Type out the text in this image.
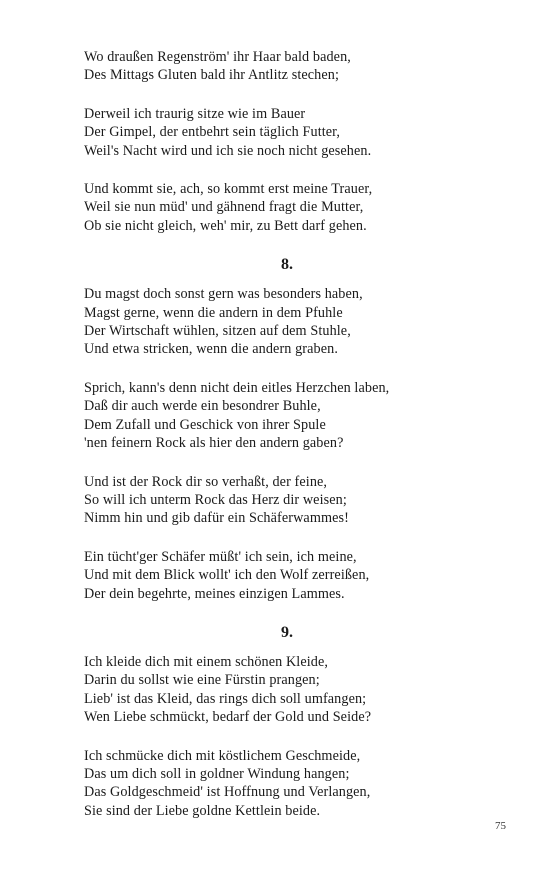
Wo draußen Regenström' ihr Haar bald baden,
Des Mittags Gluten bald ihr Antlitz stechen;
Derweil ich traurig sitze wie im Bauer
Der Gimpel, der entbehrt sein täglich Futter,
Weil's Nacht wird und ich sie noch nicht gesehen.
Und kommt sie, ach, so kommt erst meine Trauer,
Weil sie nun müd' und gähnend fragt die Mutter,
Ob sie nicht gleich, weh' mir, zu Bett darf gehen.
8.
Du magst doch sonst gern was besonders haben,
Magst gerne, wenn die andern in dem Pfuhle
Der Wirtschaft wühlen, sitzen auf dem Stuhle,
Und etwa stricken, wenn die andern graben.
Sprich, kann's denn nicht dein eitles Herzchen laben,
Daß dir auch werde ein besondrer Buhle,
Dem Zufall und Geschick von ihrer Spule
'nen feinern Rock als hier den andern gaben?
Und ist der Rock dir so verhaßt, der feine,
So will ich unterm Rock das Herz dir weisen;
Nimm hin und gib dafür ein Schäferwammes!
Ein tücht'ger Schäfer müßt' ich sein, ich meine,
Und mit dem Blick wollt' ich den Wolf zerreißen,
Der dein begehrte, meines einzigen Lammes.
9.
Ich kleide dich mit einem schönen Kleide,
Darin du sollst wie eine Fürstin prangen;
Lieb' ist das Kleid, das rings dich soll umfangen;
Wen Liebe schmückt, bedarf der Gold und Seide?
Ich schmücke dich mit köstlichem Geschmeide,
Das um dich soll in goldner Windung hangen;
Das Goldgeschmeid' ist Hoffnung und Verlangen,
Sie sind der Liebe goldne Kettlein beide.
75
